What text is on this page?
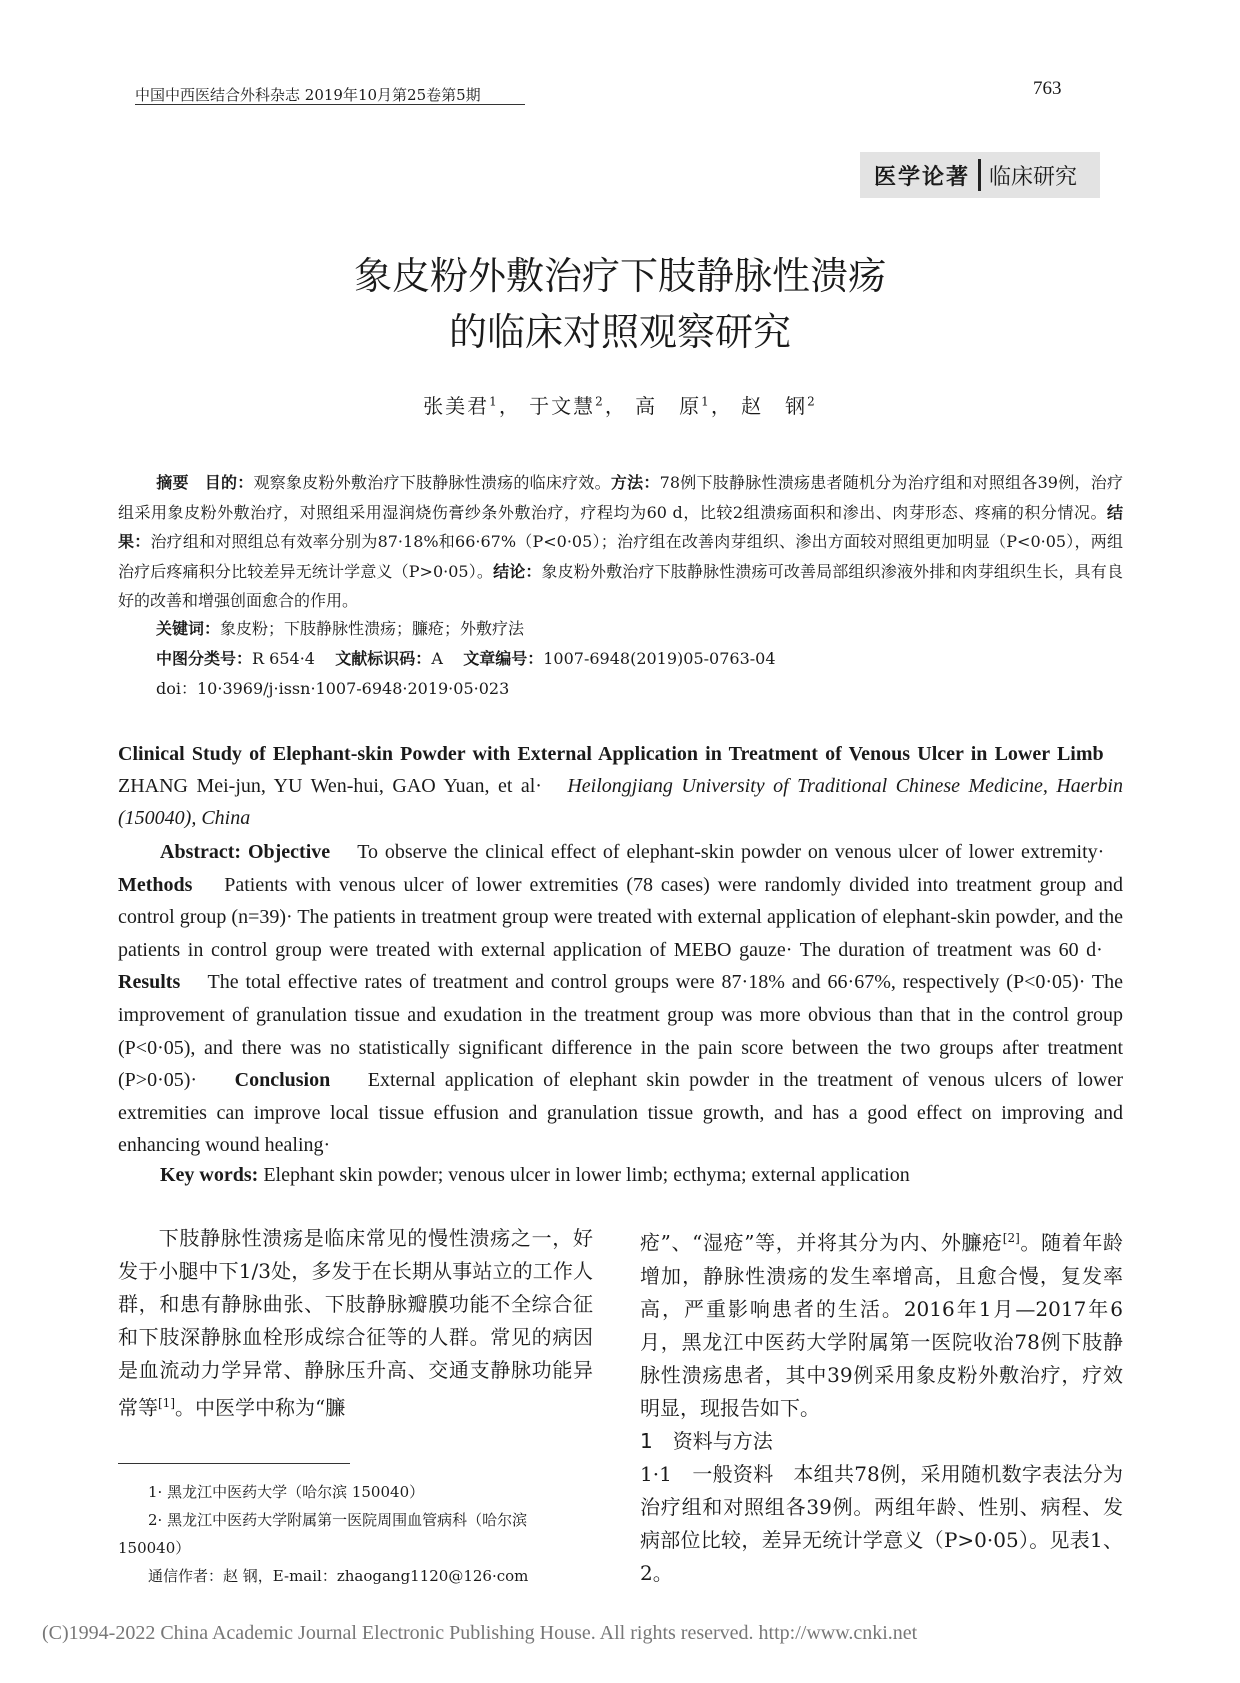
中国中西医结合外科杂志 2019年10月第25卷第5期	763
医学论著 临床研究
象皮粉外敷治疗下肢静脉性溃疡
的临床对照观察研究
张美君$^1$， 于文慧$^2$， 高　原$^1$， 赵　钢$^2$
摘要 目的：观察象皮粉外敷治疗下肢静脉性溃疡的临床疗效。方法：78例下肢静脉性溃疡患者随机分为治疗组和对照组各39例，治疗组采用象皮粉外敷治疗，对照组采用湿润烧伤膏纱条外敷治疗，疗程均为60 d，比较2组溃疡面积和渗出、肉芽形态、疼痛的积分情况。结果：治疗组和对照组总有效率分别为87·18%和66·67%（P<0·05）；治疗组在改善肉芽组织、渗出方面较对照组更加明显（P<0·05），两组治疗后疼痛积分比较差异无统计学意义（P>0·05）。结论：象皮粉外敷治疗下肢静脉性溃疡可改善局部组织渗液外排和肉芽组织生长，具有良好的改善和增强创面愈合的作用。
关键词：象皮粉；下肢静脉性溃疡；臁疮；外敷疗法
中图分类号：R 654·4 文献标识码：A 文章编号：1007-6948(2019)05-0763-04
doi：10·3969/j·issn·1007-6948·2019·05·023
Clinical Study of Elephant-skin Powder with External Application in Treatment of Venous Ulcer in Lower Limb    ZHANG Mei-jun, YU Wen-hui, GAO Yuan, et al· Heilongjiang University of Traditional Chinese Medicine, Haerbin (150040), China
Abstract: Objective To observe the clinical effect of elephant-skin powder on venous ulcer of lower extremity·    Methods Patients with venous ulcer of lower extremities (78 cases) were randomly divided into treatment group and control group (n=39)· The patients in treatment group were treated with external application of elephant-skin powder, and the patients in control group were treated with external application of MEBO gauze· The duration of treatment was 60 d·    Results The total effective rates of treatment and control groups were 87·18% and 66·67%, respectively (P<0·05)· The improvement of granulation tissue and exudation in the treatment group was more obvious than that in the control group (P<0·05), and there was no statistically significant difference in the pain score between the two groups after treatment (P>0·05)· Conclusion External application of elephant skin powder in the treatment of venous ulcers of lower extremities can improve local tissue effusion and granulation tissue growth, and has a good effect on improving and enhancing wound healing·
Key words: Elephant skin powder; venous ulcer in lower limb; ecthyma; external application
下肢静脉性溃疡是临床常见的慢性溃疡之一，好发于小腿中下1/3处，多发于在长期从事站立的工作人群，和患有静脉曲张、下肢静脉瓣膜功能不全综合征和下肢深静脉血栓形成综合征等的人群。常见的病因是血流动力学异常、静脉压升高、交通支静脉功能异常等[1]。中医学中称为“臁
疮”、“湿疮”等，并将其分为内、外臁疮[2]。随着年龄增加，静脉性溃疡的发生率增高，且愈合慢，复发率高，严重影响患者的生活。2016年1月—2017年6月，黑龙江中医药大学附属第一医院收治78例下肢静脉性溃疡患者，其中39例采用象皮粉外敷治疗，疗效明显，现报告如下。
1　资料与方法
1·1　一般资料 本组共78例，采用随机数字表法分为治疗组和对照组各39例。两组年龄、性别、病程、发病部位比较，差异无统计学意义（P>0·05）。见表1、2。
1· 黑龙江中医药大学（哈尔滨 150040）
2· 黑龙江中医药大学附属第一医院周围血管病科（哈尔滨 150040）
通信作者：赵 钢，E-mail：zhaogang1120@126·com
(C)1994-2022 China Academic Journal Electronic Publishing House. All rights reserved. http://www.cnki.net
